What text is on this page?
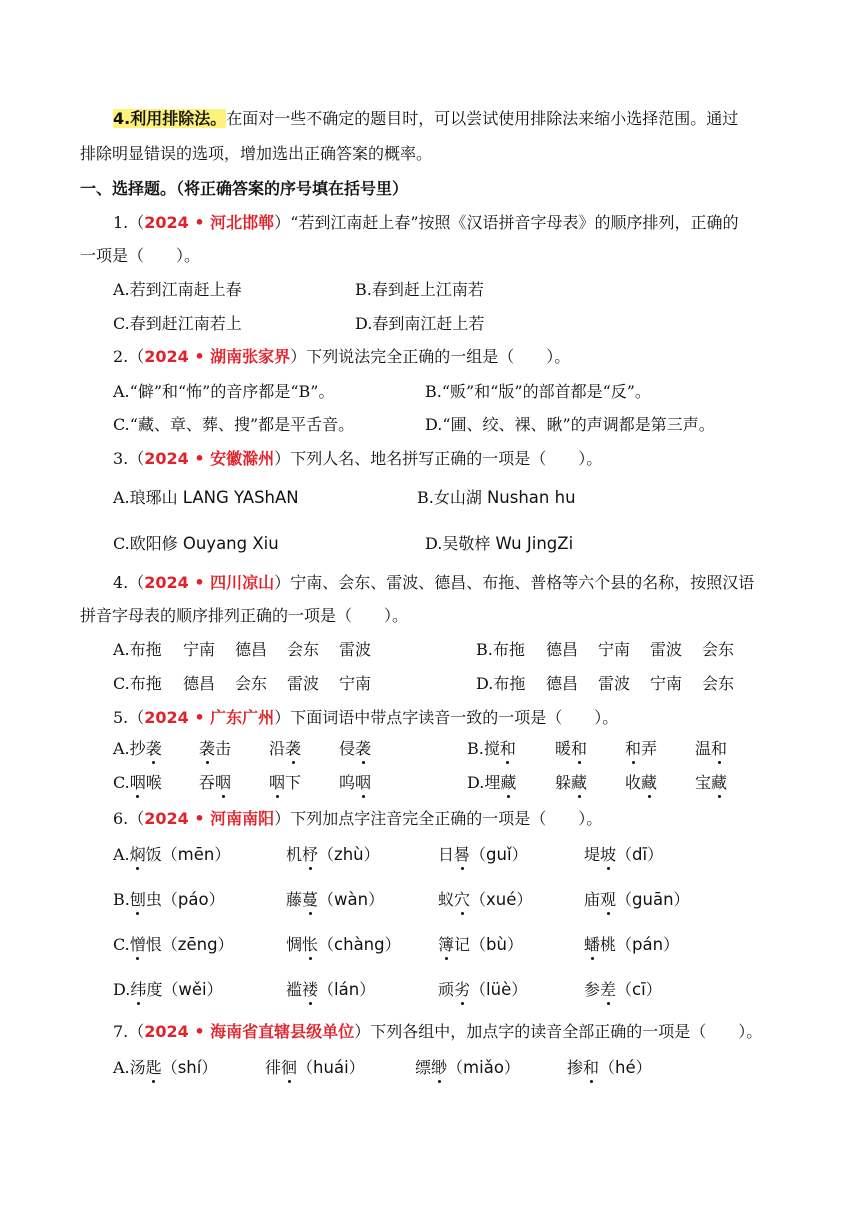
4.利用排除法。在面对一些不确定的题目时，可以尝试使用排除法来缩小选择范围。通过
排除明显错误的选项，增加选出正确答案的概率。
一、选择题。（将正确答案的序号填在括号里）
1.（2024 • 河北邯郸）“若到江南赶上春”按照《汉语拼音字母表》的顺序排列，正确的
一项是（　　）。
A.若到江南赶上春	B.春到赶上江南若
C.春到赶江南若上	D.春到南江赶上若
2.（2024 • 湖南张家界）下列说法完全正确的一组是（　　）。
A.“僻”和“怖”的音序都是“B”。	B.“贩”和“版”的部首都是“反”。
C.“藏、章、葬、搜”都是平舌音。	D.“圃、绞、裸、瞅”的声调都是第三声。
3.（2024 • 安徽滁州）下列人名、地名拼写正确的一项是（　　）。
A.琅琊山 LANG YAShAN	B.女山湖 Nushan hu
C.欧阳修 Ouyang Xiu	D.吴敬梓 Wu JingZi
4.（2024 • 四川凉山）宁南、会东、雷波、德昌、布拖、普格等六个县的名称，按照汉语
拼音字母表的顺序排列正确的一项是（　　）。
A.布拖 宁南 德昌 会东 雷波	B.布拖 德昌 宁南 雷波 会东
C.布拖 德昌 会东 雷波 宁南	D.布拖 德昌 雷波 宁南 会东
5.（2024 • 广东广州）下面词语中带点字读音一致的一项是（　　）。
A.抄袭 袭击 沿袭 侵袭	B.搅和 暖和 和弄 温和
C.咽喉 吞咽 咽下 呜咽	D.埋藏 躲藏 收藏 宝藏
6.（2024 • 河南南阳）下列加点字注音完全正确的一项是（　　）。
A.焖饭（mēn）	机杼（zhù）	日晷（guǐ）	堤坡（dī）
B.刨虫（páo）	藤蔓（wàn）	蚁穴（xué）	庙观（guān）
C.憎恨（zēng）	惆怅（chàng） 簿记（bù）	蟠桃（pán）
D.纬度（wěi）	褴褛（lán）	顽劣（lüè）	参差（cī）
7.（2024 • 海南省直辖县级单位）下列各组中，加点字的读音全部正确的一项是（　　）。
A.汤匙（shí）	徘徊（huái）	缥缈（miǎo）	掺和（hé）
